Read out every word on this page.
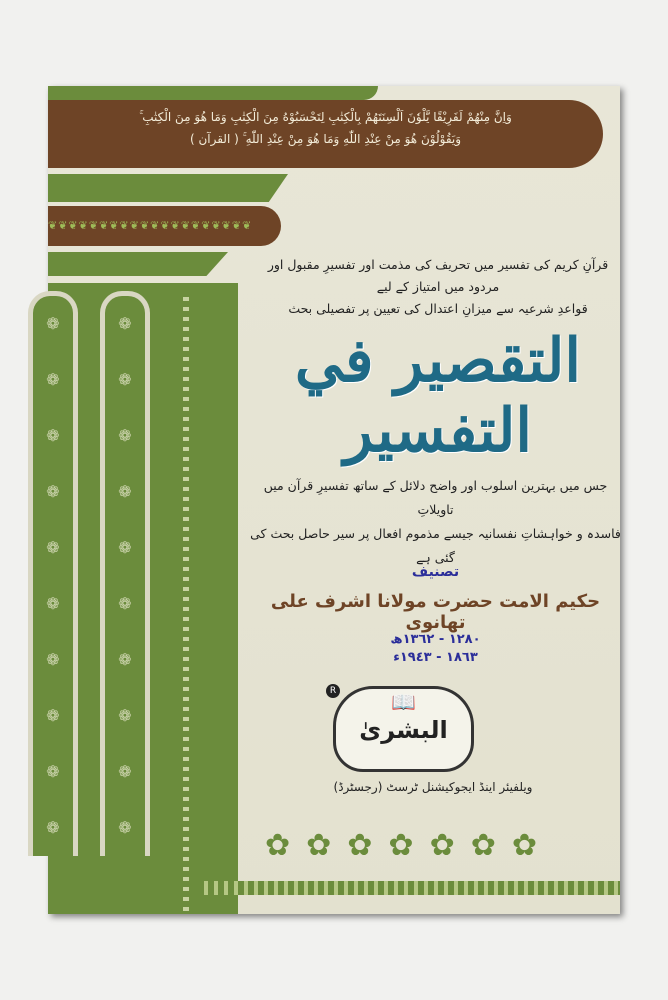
وَاِنَّ مِنْهُمْ لَفَرِيْقًا يَّلْوٗنَ اَلْسِنَتَهُمْ بِالْكِتٰبِ لِتَحْسَبُوْهُ مِنَ الْكِتٰبِ وَمَا هُوَ مِنَ الْكِتٰبِ ۚ
وَيَقُوْلُوْنَ هُوَ مِنْ عِنْدِ اللّٰهِ وَمَا هُوَ مِنْ عِنْدِ اللّٰهِ ۚ ( القرآن )
❦❦❦❦❦❦❦❦❦❦❦❦❦❦❦❦❦❦❦❦
❁
❁
❁
❁
❁
❁
❁
❁
❁
❁
❁
❁
❁
❁
❁
❁
❁
❁
❁
❁
قرآنِ کریم کی تفسیر میں تحریف کی مذمت اور تفسیرِ مقبول اور مردود میں امتیاز کے لیے
قواعدِ شرعیہ سے میزانِ اعتدال کی تعیین پر تفصیلی بحث
التقصير في التفسير
جس میں بہترین اسلوب اور واضح دلائل کے ساتھ تفسیرِ قرآن میں تاویلاتِ
فاسدہ و خواہشاتِ نفسانیہ جیسے مذموم افعال پر سیر حاصل بحث کی گئی ہے
تصنیف
حکیم الامت حضرت مولانا اشرف علی تھانوی
١٢٨٠ - ١٣٦٢ھ
١٨٦٣ - ١٩٤٣ء
R	📖
البشریٰ
ویلفیئر اینڈ ایجوکیشنل ٹرسٹ (رجسٹرڈ)
✿✿✿✿✿✿✿
